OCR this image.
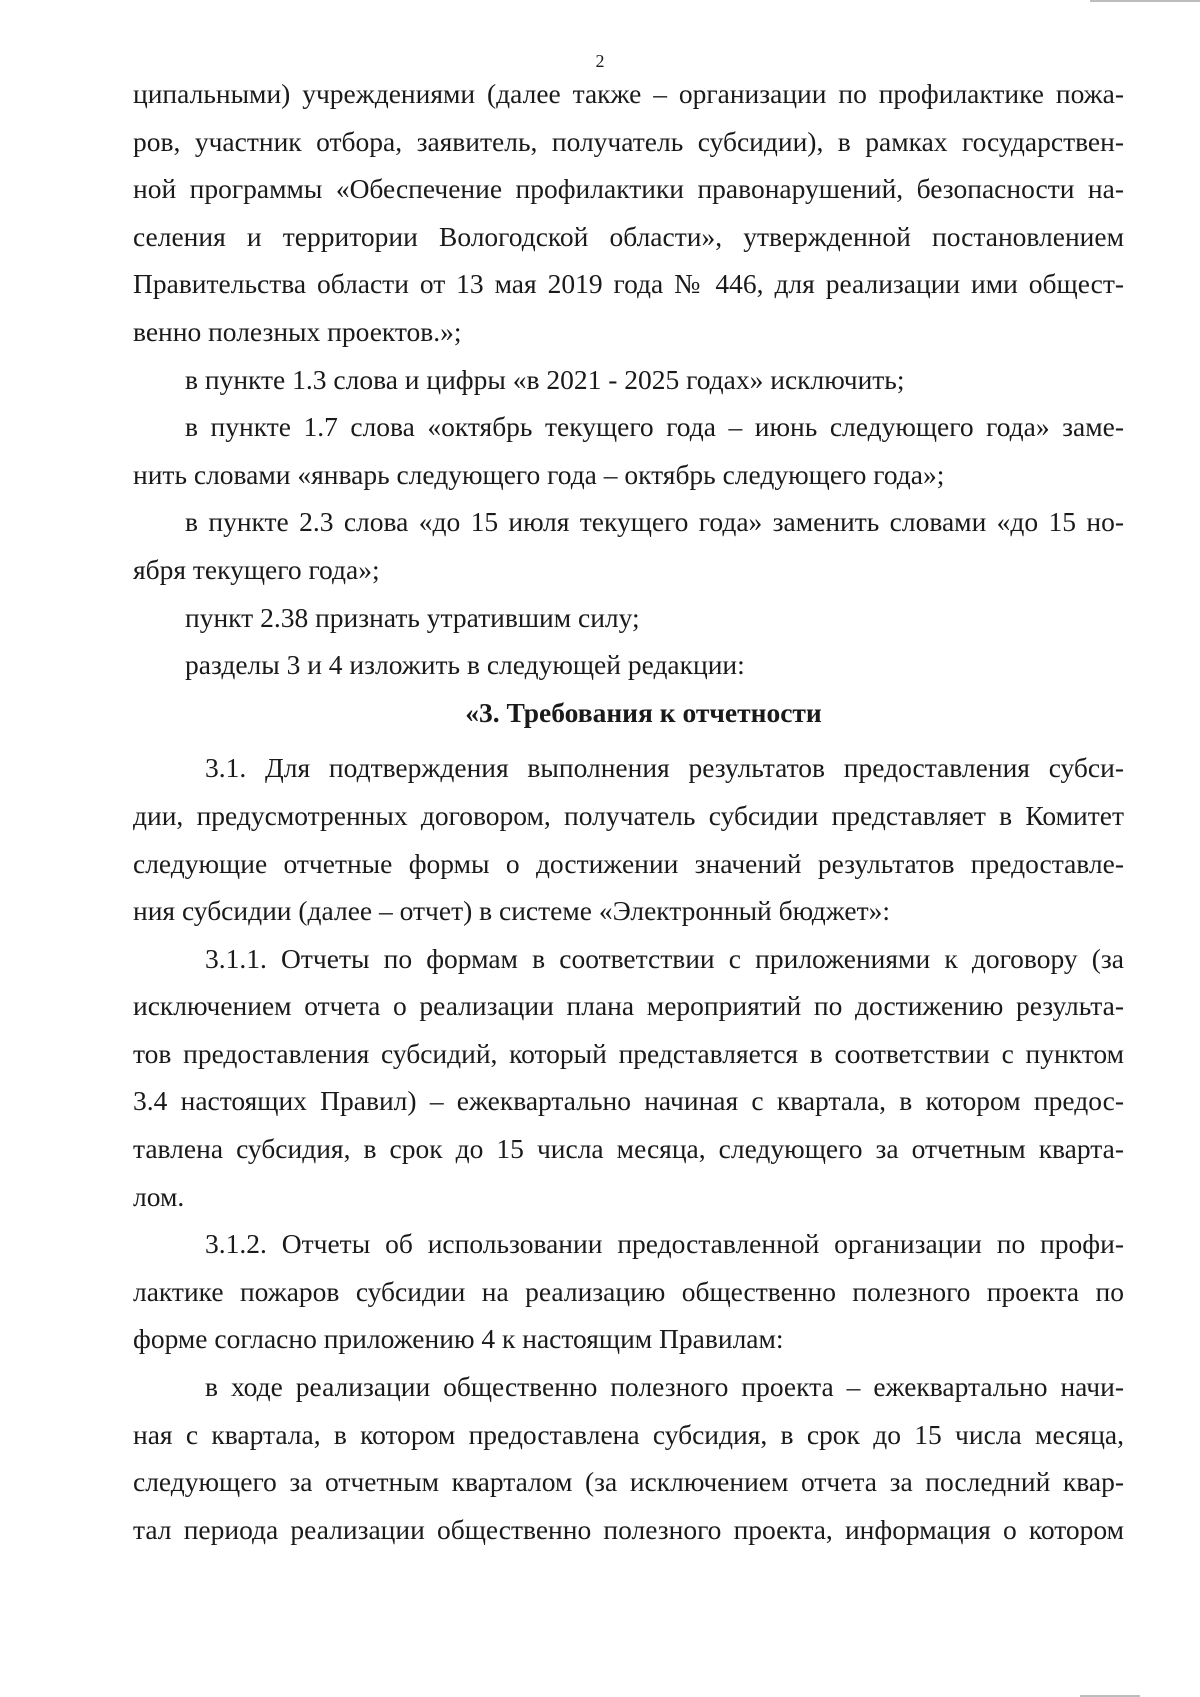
2
ципальными) учреждениями (далее также – организации по профилактике пожа-
ров, участник отбора, заявитель, получатель субсидии), в рамках государствен-
ной программы «Обеспечение профилактики правонарушений, безопасности на-
селения и территории Вологодской области», утвержденной постановлением
Правительства области от 13 мая 2019 года № 446, для реализации ими общест-
венно полезных проектов.»;
в пункте 1.3 слова и цифры «в 2021 - 2025 годах» исключить;
в пункте 1.7 слова «октябрь текущего года – июнь следующего года» заме-
нить словами «январь следующего года – октябрь следующего года»;
в пункте 2.3 слова «до 15 июля текущего года» заменить словами «до 15 но-
ября текущего года»;
пункт 2.38 признать утратившим силу;
разделы 3 и 4 изложить в следующей редакции:
«3. Требования к отчетности
3.1. Для подтверждения выполнения результатов предоставления субси-
дии, предусмотренных договором, получатель субсидии представляет в Комитет
следующие отчетные формы о достижении значений результатов предоставле-
ния субсидии (далее – отчет) в системе «Электронный бюджет»:
3.1.1. Отчеты по формам в соответствии с приложениями к договору (за
исключением отчета о реализации плана мероприятий по достижению результа-
тов предоставления субсидий, который представляется в соответствии с пунктом
3.4 настоящих Правил) – ежеквартально начиная с квартала, в котором предос-
тавлена субсидия, в срок до 15 числа месяца, следующего за отчетным кварта-
лом.
3.1.2. Отчеты об использовании предоставленной организации по профи-
лактике пожаров субсидии на реализацию общественно полезного проекта по
форме согласно приложению 4 к настоящим Правилам:
в ходе реализации общественно полезного проекта – ежеквартально начи-
ная с квартала, в котором предоставлена субсидия, в срок до 15 числа месяца,
следующего за отчетным кварталом (за исключением отчета за последний квар-
тал периода реализации общественно полезного проекта, информация о котором
